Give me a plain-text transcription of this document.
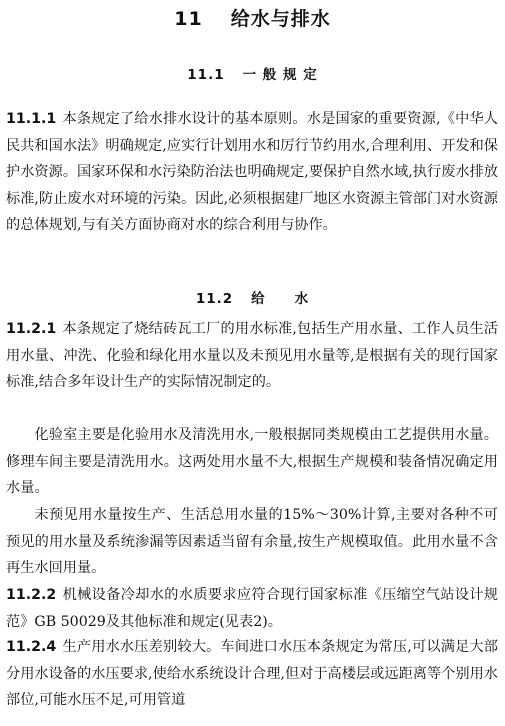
11 给水与排水
11.1 一 般 规 定

11.1.1 本条规定了给水排水设计的基本原则。水是国家的重要资源,《中华人民共和国水法》明确规定,应实行计划用水和厉行节约用水,合理利用、开发和保护水资源。国家环保和水污染防治法也明确规定,要保护自然水域,执行废水排放标准,防止废水对环境的污染。因此,必须根据建厂地区水资源主管部门对水资源的总体规划,与有关方面协商对水的综合利用与协作。

11.2 给　　水

11.2.1 本条规定了烧结砖瓦工厂的用水标准,包括生产用水量、工作人员生活用水量、冲洗、化验和绿化用水量以及未预见用水量等,是根据有关的现行国家标准,结合多年设计生产的实际情况制定的。

化验室主要是化验用水及清洗用水,一般根据同类规模由工艺提供用水量。修理车间主要是清洗用水。这两处用水量不大,根据生产规模和装备情况确定用水量。

未预见用水量按生产、生活总用水量的15%～30%计算,主要对各种不可预见的用水量及系统渗漏等因素适当留有余量,按生产规模取值。此用水量不含再生水回用量。

11.2.2 机械设备冷却水的水质要求应符合现行国家标准《压缩空气站设计规范》GB 50029及其他标准和规定(见表2)。

11.2.4 生产用水水压差别较大。车间进口水压本条规定为常压,可以满足大部分用水设备的水压要求,使给水系统设计合理,但对于高楼层或远距离等个别用水部位,可能水压不足,可用管道
